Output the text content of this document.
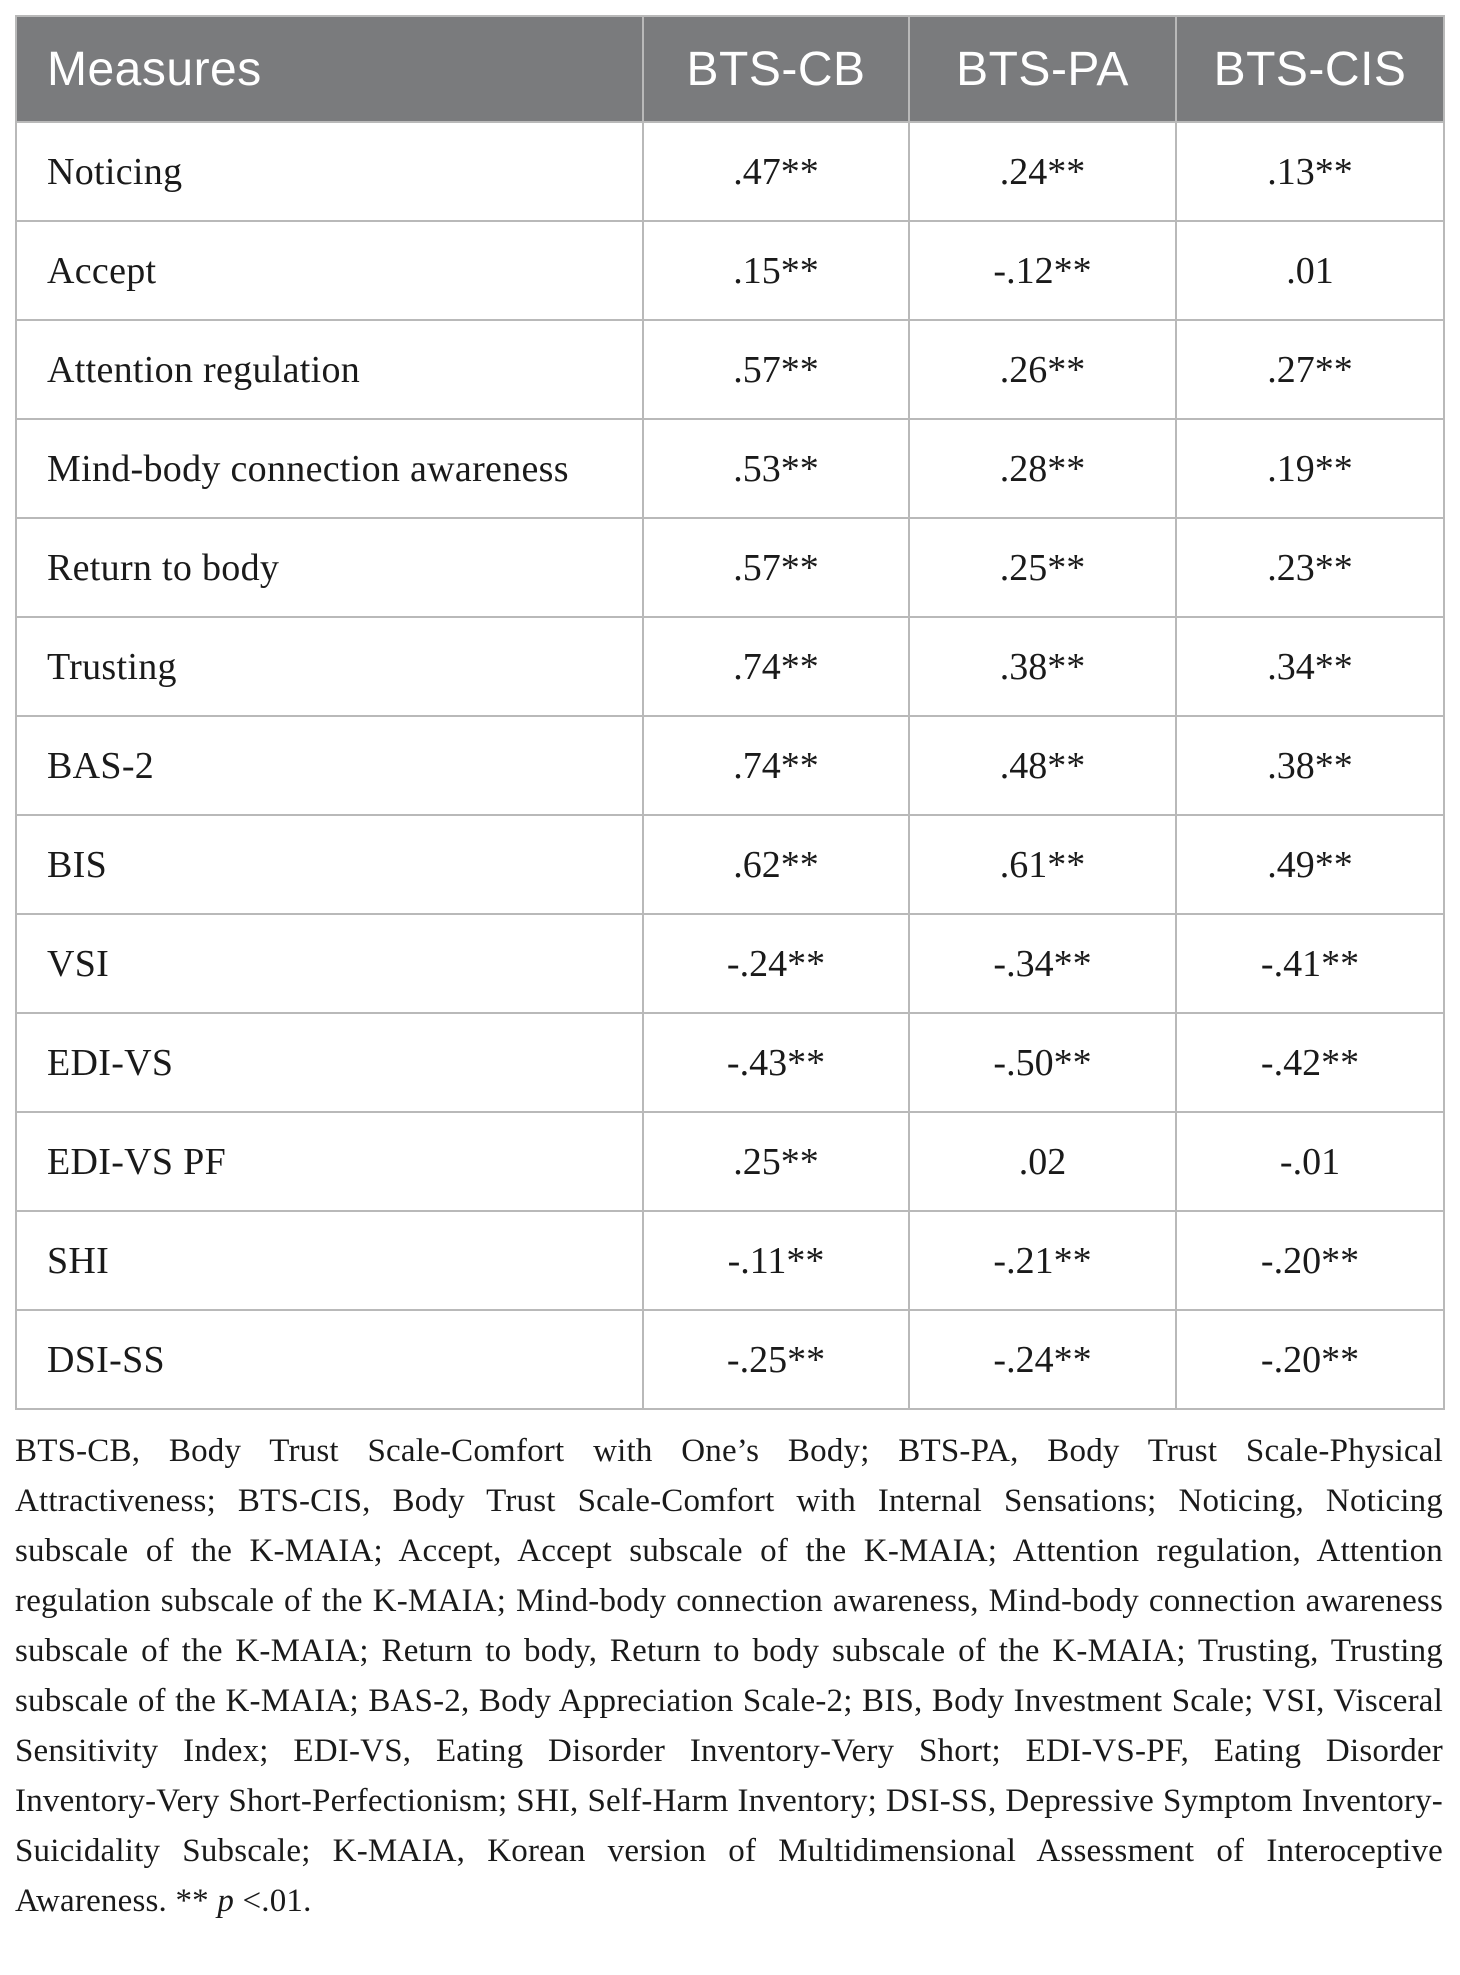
Measures	BTS-CB	BTS-PA	BTS-CIS
Noticing	.47**	.24**	.13**
Accept	.15**	-.12**	.01
Attention regulation	.57**	.26**	.27**
Mind-body connection awareness	.53**	.28**	.19**
Return to body	.57**	.25**	.23**
Trusting	.74**	.38**	.34**
BAS-2	.74**	.48**	.38**
BIS	.62**	.61**	.49**
VSI	-.24**	-.34**	-.41**
EDI-VS	-.43**	-.50**	-.42**
EDI-VS PF	.25**	.02	-.01
SHI	-.11**	-.21**	-.20**
DSI-SS	-.25**	-.24**	-.20**

BTS-CB, Body Trust Scale-Comfort with One’s Body; BTS-PA, Body Trust Scale-Physical Attractiveness; BTS-CIS, Body Trust Scale-Comfort with Internal Sensations; Noticing, Noticing subscale of the K-MAIA; Accept, Accept subscale of the K-MAIA; Attention regulation, Attention regulation subscale of the K-MAIA; Mind-body connection awareness, Mind-body connection awareness subscale of the K-MAIA; Return to body, Return to body subscale of the K-MAIA; Trusting, Trusting subscale of the K-MAIA; BAS-2, Body Appreciation Scale-2; BIS, Body Investment Scale; VSI, Visceral Sensitivity Index; EDI-VS, Eating Disorder Inventory-Very Short; EDI-VS-PF, Eating Disorder Inventory-Very Short-Perfectionism; SHI, Self-Harm Inventory; DSI-SS, Depressive Symptom Inventory-Suicidality Subscale; K-MAIA, Korean version of Multidimensional Assessment of Interoceptive Awareness. ** p <.01.
